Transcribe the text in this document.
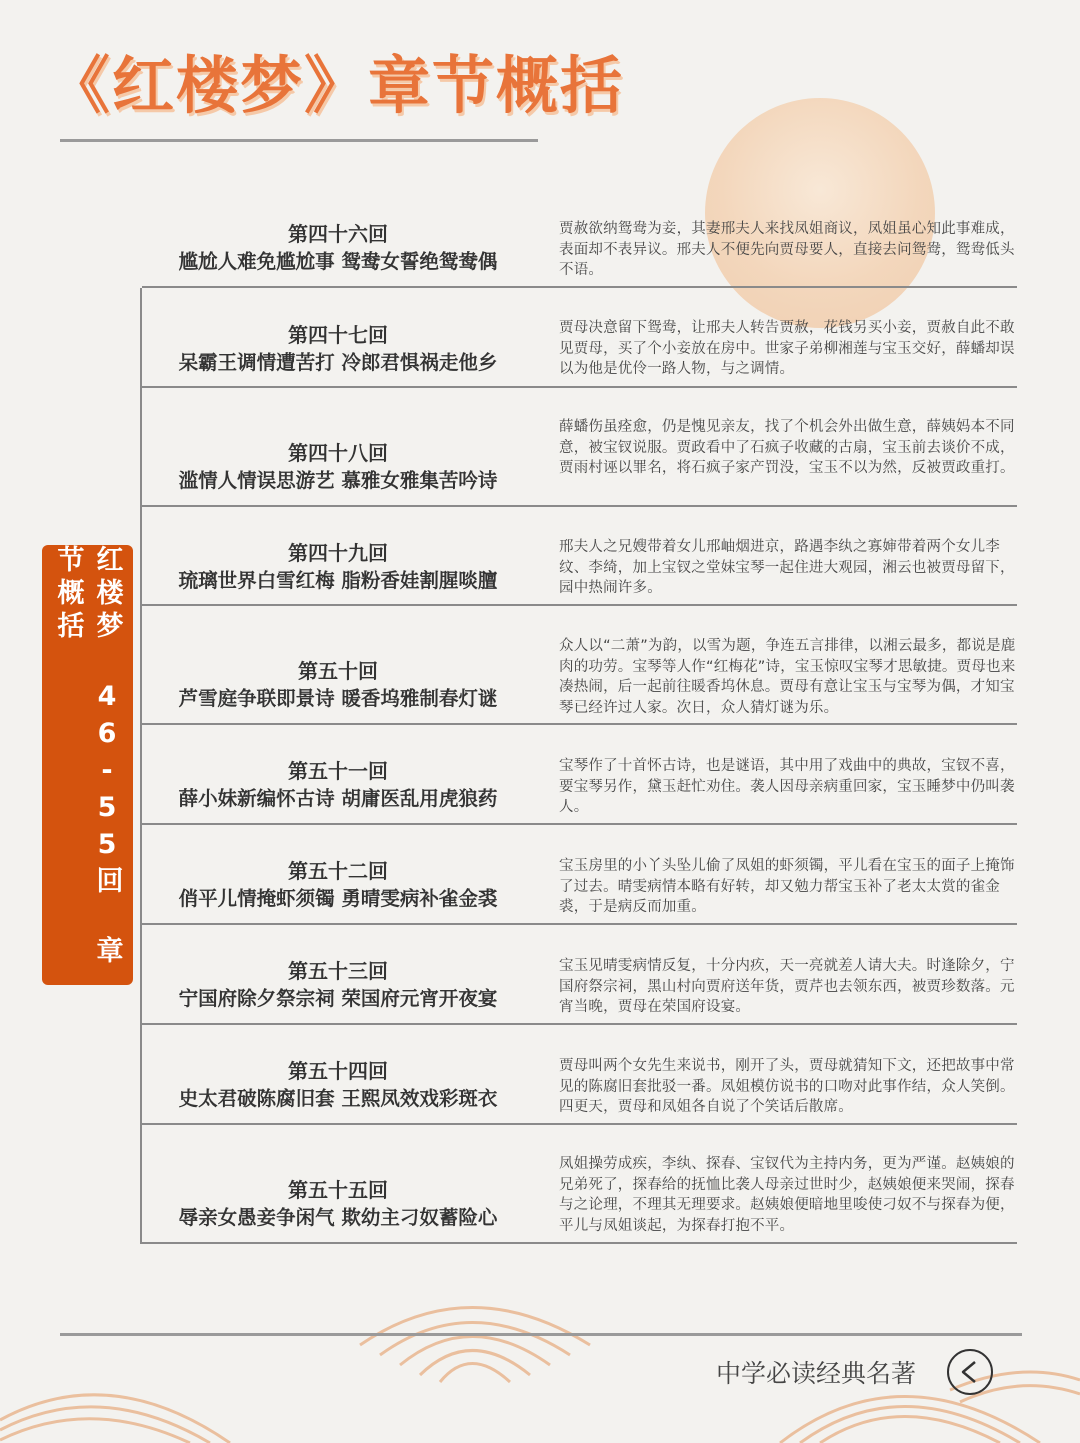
《红楼梦》章节概括
红楼梦 46-55回 章节概括
第四十六回
尴尬人难免尴尬事 鸳鸯女誓绝鸳鸯偶
贾赦欲纳鸳鸯为妾，其妻邢夫人来找凤姐商议，凤姐虽心知此事难成，表面却不表异议。邢夫人不便先向贾母要人，直接去问鸳鸯，鸳鸯低头不语。
第四十七回
呆霸王调情遭苦打 冷郎君惧祸走他乡
贾母决意留下鸳鸯，让邢夫人转告贾赦，花钱另买小妾，贾赦自此不敢见贾母，买了个小妾放在房中。世家子弟柳湘莲与宝玉交好，薛蟠却误以为他是优伶一路人物，与之调情。
第四十八回
滥情人情误思游艺 慕雅女雅集苦吟诗
薛蟠伤虽痊愈，仍是愧见亲友，找了个机会外出做生意，薛姨妈本不同意，被宝钗说服。贾政看中了石疯子收藏的古扇，宝玉前去谈价不成，贾雨村诬以罪名，将石疯子家产罚没，宝玉不以为然，反被贾政重打。
第四十九回
琉璃世界白雪红梅 脂粉香娃割腥啖膻
邢夫人之兄嫂带着女儿邢岫烟进京，路遇李纨之寡婶带着两个女儿李纹、李绮，加上宝钗之堂妹宝琴一起住进大观园，湘云也被贾母留下，园中热闹许多。
第五十回
芦雪庭争联即景诗 暖香坞雅制春灯谜
众人以“二萧”为韵，以雪为题，争连五言排律，以湘云最多，都说是鹿肉的功劳。宝琴等人作“红梅花”诗，宝玉惊叹宝琴才思敏捷。贾母也来凑热闹，后一起前往暖香坞休息。贾母有意让宝玉与宝琴为偶，才知宝琴已经许过人家。次日，众人猜灯谜为乐。
第五十一回
薛小妹新编怀古诗 胡庸医乱用虎狼药
宝琴作了十首怀古诗，也是谜语，其中用了戏曲中的典故，宝钗不喜，要宝琴另作，黛玉赶忙劝住。袭人因母亲病重回家，宝玉睡梦中仍叫袭人。
第五十二回
俏平儿情掩虾须镯 勇晴雯病补雀金裘
宝玉房里的小丫头坠儿偷了凤姐的虾须镯，平儿看在宝玉的面子上掩饰了过去。晴雯病情本略有好转，却又勉力帮宝玉补了老太太赏的雀金裘，于是病反而加重。
第五十三回
宁国府除夕祭宗祠 荣国府元宵开夜宴
宝玉见晴雯病情反复，十分内疚，天一亮就差人请大夫。时逢除夕，宁国府祭宗祠，黑山村向贾府送年货，贾芹也去领东西，被贾珍数落。元宵当晚，贾母在荣国府设宴。
第五十四回
史太君破陈腐旧套 王熙凤效戏彩斑衣
贾母叫两个女先生来说书，刚开了头，贾母就猜知下文，还把故事中常见的陈腐旧套批驳一番。凤姐模仿说书的口吻对此事作结，众人笑倒。四更天，贾母和凤姐各自说了个笑话后散席。
第五十五回
辱亲女愚妾争闲气 欺幼主刁奴蓄险心
凤姐操劳成疾，李纨、探春、宝钗代为主持内务，更为严谨。赵姨娘的兄弟死了，探春给的抚恤比袭人母亲过世时少，赵姨娘便来哭闹，探春与之论理，不理其无理要求。赵姨娘便暗地里唆使刁奴不与探春为便，平儿与凤姐谈起，为探春打抱不平。
中学必读经典名著
